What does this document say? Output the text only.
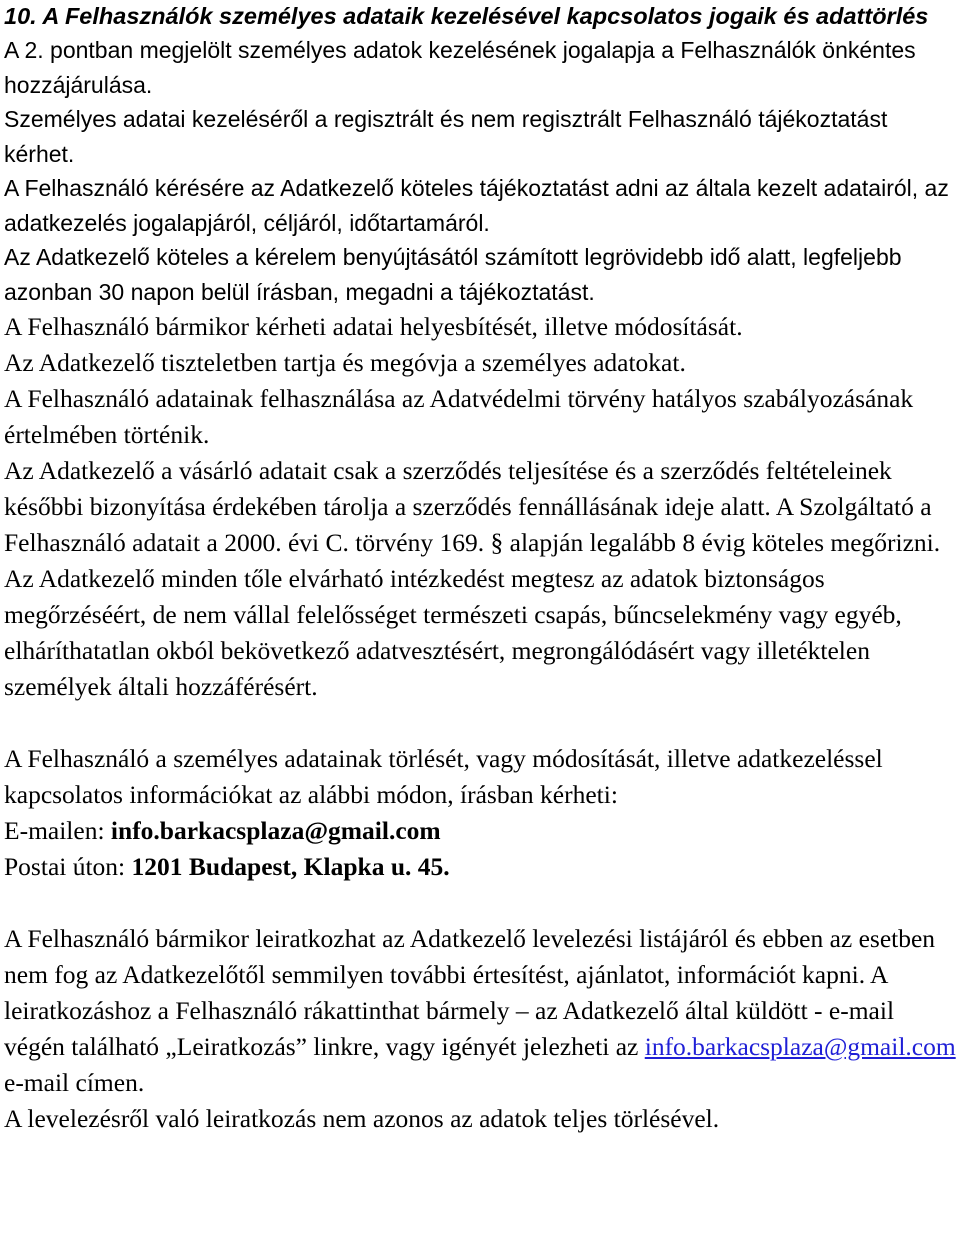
10. A Felhasználók személyes adataik kezelésével kapcsolatos jogaik és adattörlés

A 2. pontban megjelölt személyes adatok kezelésének jogalapja a Felhasználók önkéntes hozzájárulása.

Személyes adatai kezeléséről a regisztrált és nem regisztrált Felhasználó tájékoztatást kérhet.

A Felhasználó kérésére az Adatkezelő köteles tájékoztatást adni az általa kezelt adatairól, az adatkezelés jogalapjáról, céljáról, időtartamáról.

Az Adatkezelő köteles a kérelem benyújtásától számított legrövidebb idő alatt, legfeljebb azonban 30 napon belül írásban, megadni a tájékoztatást.

A Felhasználó bármikor kérheti adatai helyesbítését, illetve módosítását.

Az Adatkezelő tiszteletben tartja és megóvja a személyes adatokat.

A Felhasználó adatainak felhasználása az Adatvédelmi törvény hatályos szabályozásának értelmében történik.

Az Adatkezelő a vásárló adatait csak a szerződés teljesítése és a szerződés feltételeinek későbbi bizonyítása érdekében tárolja a szerződés fennállásának ideje alatt. A Szolgáltató a Felhasználó adatait a 2000. évi C. törvény 169. § alapján legalább 8 évig köteles megőrizni.

Az Adatkezelő minden tőle elvárható intézkedést megtesz az adatok biztonságos megőrzéséért, de nem vállal felelősséget természeti csapás, bűncselekmény vagy egyéb, elháríthatatlan okból bekövetkező adatvesztésért, megrongálódásért vagy illetéktelen személyek általi hozzáférésért.

A Felhasználó a személyes adatainak törlését, vagy módosítását, illetve adatkezeléssel kapcsolatos információkat az alábbi módon, írásban kérheti:

E-mailen: info.barkacsplaza@gmail.com

Postai úton: 1201 Budapest, Klapka u. 45.

A Felhasználó bármikor leiratkozhat az Adatkezelő levelezési listájáról és ebben az esetben nem fog az Adatkezelőtől semmilyen további értesítést, ajánlatot, információt kapni. A leiratkozáshoz a Felhasználó rákattinthat bármely – az Adatkezelő által küldött - e-mail végén található „Leiratkozás” linkre, vagy igényét jelezheti az info.barkacsplaza@gmail.com e-mail címen.

A levelezésről való leiratkozás nem azonos az adatok teljes törlésével.
